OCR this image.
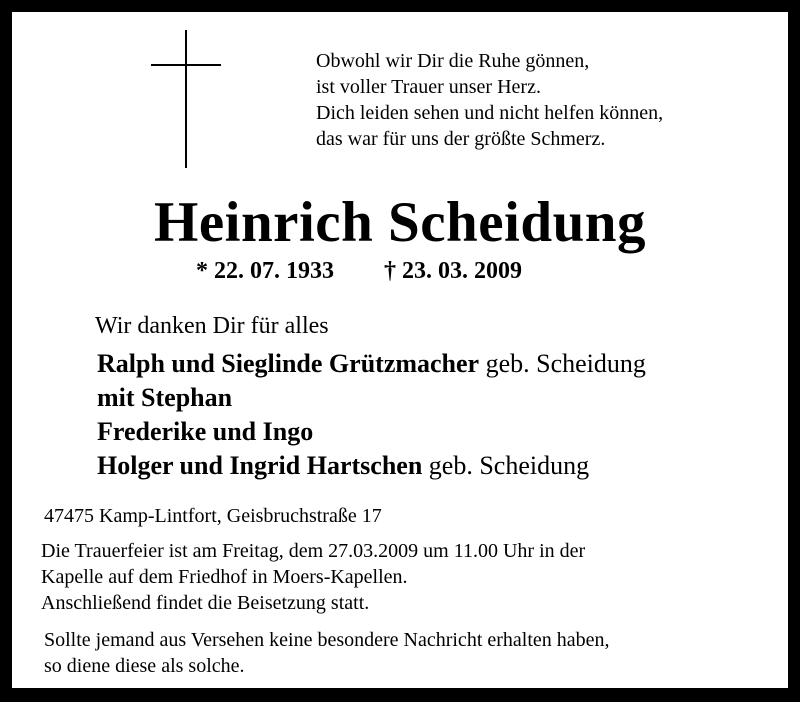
Obwohl wir Dir die Ruhe gönnen,
ist voller Trauer unser Herz.
Dich leiden sehen und nicht helfen können,
das war für uns der größte Schmerz.
Heinrich Scheidung
* 22. 07. 1933 † 23. 03. 2009
Wir danken Dir für alles
Ralph und Sieglinde Grützmacher geb. Scheidung
mit Stephan
Frederike und Ingo
Holger und Ingrid Hartschen geb. Scheidung
47475 Kamp-Lintfort, Geisbruchstraße 17
Die Trauerfeier ist am Freitag, dem 27.03.2009 um 11.00 Uhr in der
Kapelle auf dem Friedhof in Moers-Kapellen.
Anschließend findet die Beisetzung statt.
Sollte jemand aus Versehen keine besondere Nachricht erhalten haben,
so diene diese als solche.
